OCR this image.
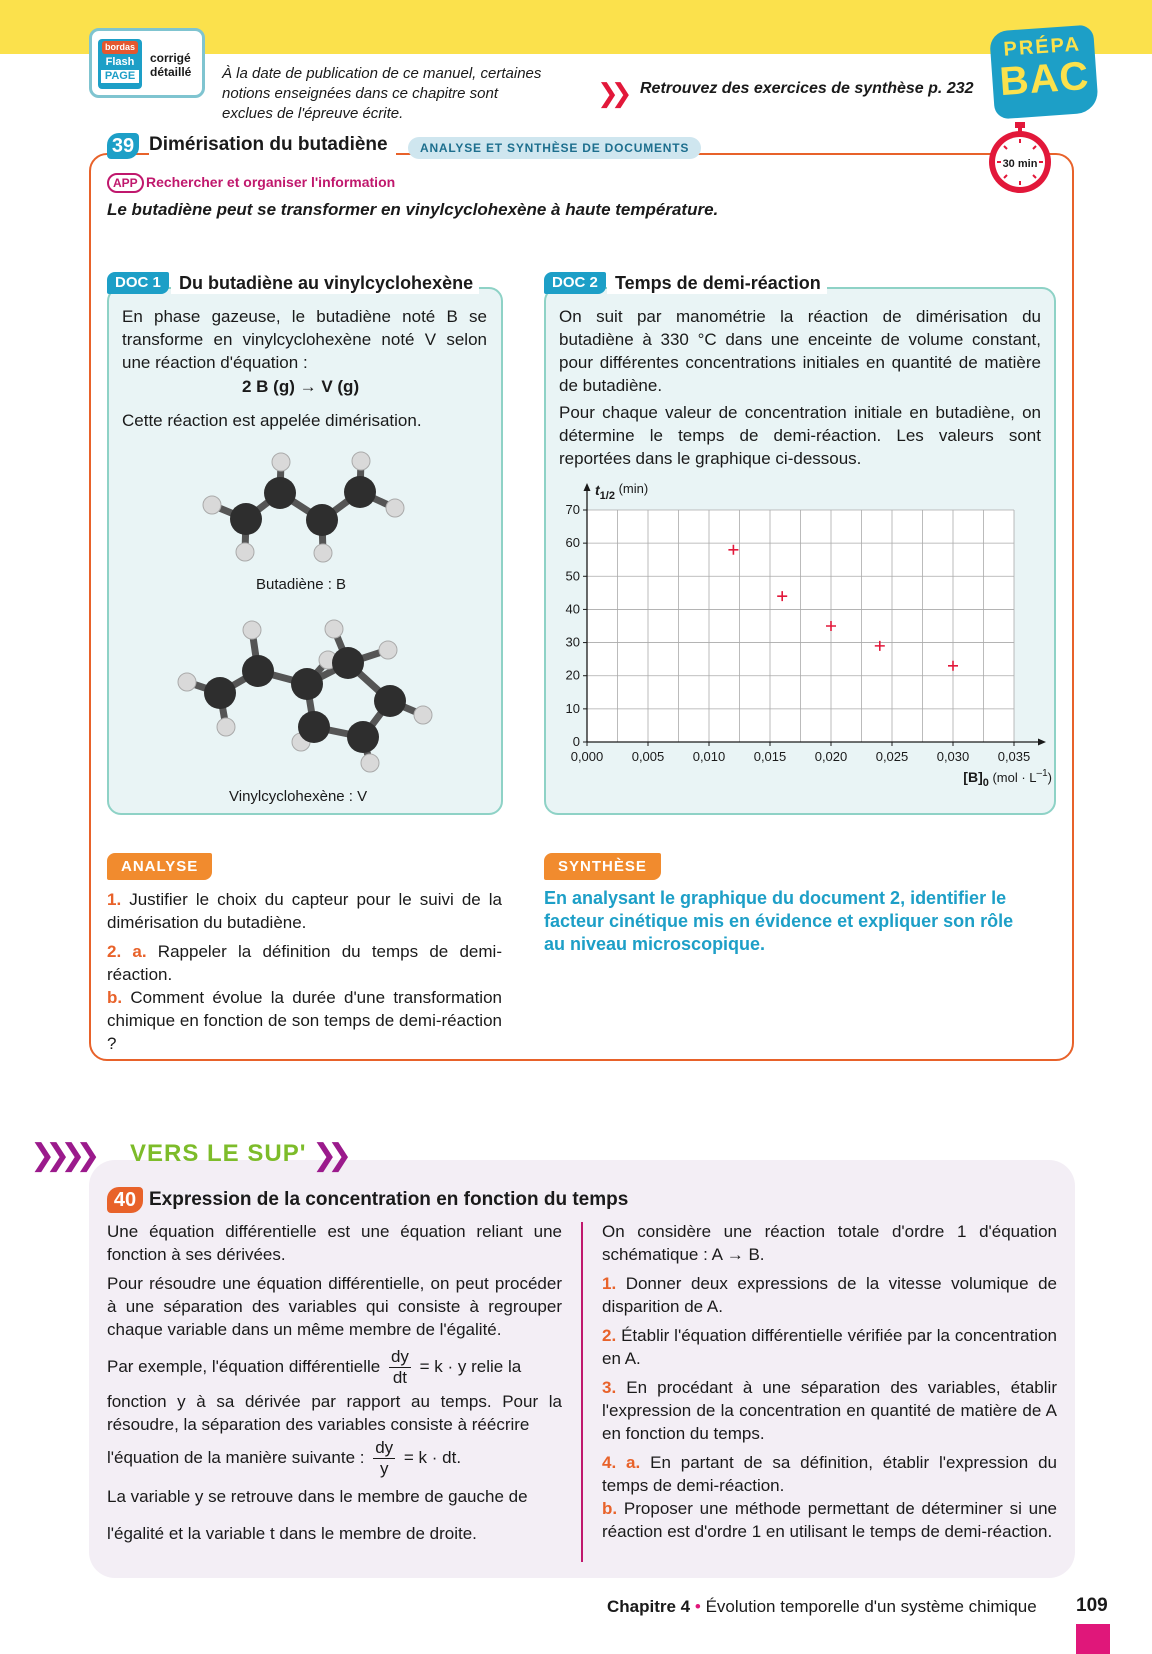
bordas
Flash
PAGE
corrigé détaillé	À la date de publication de ce manuel, certaines notions enseignées dans ce chapitre sont exclues de l'épreuve écrite.
❯❯ Retrouvez des exercices de synthèse p. 232
PRÉPA
BAC
30 min
39 Dimérisation du butadiène	ANALYSE ET SYNTHÈSE DE DOCUMENTS
APP Rechercher et organiser l'information
Le butadiène peut se transformer en vinylcyclohexène à haute température.
DOC 1	Du butadiène au vinylcyclohexène
En phase gazeuse, le butadiène noté B se transforme en vinylcyclohexène noté V selon une réaction d'équation :
2 B (g) → V (g)
Cette réaction est appelée dimérisation.
Butadiène : B
Vinylcyclohexène : V
DOC 2 Temps de demi-réaction
On suit par manométrie la réaction de dimérisation du butadiène à 330 °C dans une enceinte de volume constant, pour différentes concentrations initiales en quantité de matière de butadiène.
Pour chaque valeur de concentration initiale en butadiène, on détermine le temps de demi-réaction. Les valeurs sont reportées dans le graphique ci-dessous.
0,000 0,005 0,010 0,015 0,020 0,025 0,030 0,035
0
10
20
30
40
50
60
70
$t_{1/2}$ (min)
$[B]_0$ $(mol \cdot L^{-1})$
ANALYSE
1. Justifier le choix du capteur pour le suivi de la dimérisation du butadiène.
2. a. Rappeler la définition du temps de demi-réaction.
b. Comment évolue la durée d'une transformation chimique en fonction de son temps de demi-réaction ?
SYNTHÈSE
En analysant le graphique du document 2, identifier le facteur cinétique mis en évidence et expliquer son rôle au niveau microscopique.
❯❯❯❯ VERS LE SUP' ❯❯
40 Expression de la concentration en fonction du temps

Une équation différentielle est une équation reliant une fonction à ses dérivées.

Pour résoudre une équation différentielle, on peut procéder à une séparation des variables qui consiste à regrouper chaque variable dans un même membre de l'égalité.

Par exemple, l'équation différentielle $\frac{dy}{dt} = k \cdot y$ relie la

fonction y à sa dérivée par rapport au temps. Pour la résoudre, la séparation des variables consiste à réécrire

l'équation de la manière suivante : $\frac{dy}{y} = k$ · dt.

La variable y se retrouve dans le membre de gauche de

l'égalité et la variable t dans le membre de droite.

On considère une réaction totale d'ordre 1 d'équation schématique : A → B.

1. Donner deux expressions de la vitesse volumique de disparition de A.

2. Établir l'équation différentielle vérifiée par la concentration en A.

3. En procédant à une séparation des variables, établir l'expression de la concentration en quantité de matière de A en fonction du temps.

4. a. En partant de sa définition, établir l'expression du temps de demi-réaction.

b. Proposer une méthode permettant de déterminer si une réaction est d'ordre 1 en utilisant le temps de demi-réaction.

Chapitre 4 • Évolution temporelle d'un système chimique 109
